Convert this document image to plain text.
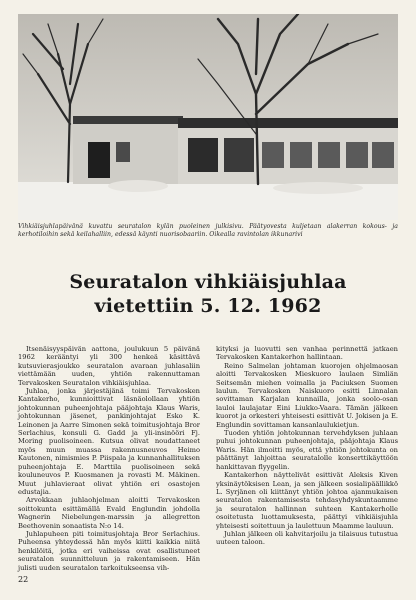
Vihkiäisjuhlapäivänä kuvattu seuratalon kylän puoleinen julkisivu. Päätyovesta kuljetaan alakerran kokous- ja kerhotiloihin sekä keilahalliin, edessä käynti nuorisobaariin. Oikealla ravintolan ikkunarivi

Seuratalon vihkiäisjuhlaa
vietettiin 5. 12. 1962

Itsenäisyyspäivän aattona, joulukuun 5 päivänä 1962 kerääntyi yli 300 henkeä käsittävä kutsuvierasjoukko seuratalon avaraan juhlasaliin viettämään uuden, yhtiön rakennuttaman Tervakosken Seuratalon vihkiäisjuhlaa.

Juhlaa, jonka järjestäjänä toimi Tervakosken Kantakerho, kunnioittivat läsnäolollaan yhtiön johtokunnan puheenjohtaja pääjohtaja Klaus Waris, johtokunnan jäsenet, pankinjohtajat Esko K. Leinonen ja Aarre Simonen sekä toimitusjohtaja Bror Serlachius, konsuli G. Gadd ja yli-insinööri Fj. Moring puolisoineen. Kutsua olivat noudattaneet myös muun muassa rakennusneuvos Heimo Kautonen, nimismies P. Piispala ja kunnanhallituksen puheenjohtaja E. Marttila puolisoineen sekä kouluneuvos P. Kuosmanen ja rovasti M. Mäkinen. Muut juhlavieraat olivat yhtiön eri osastojen edustajia.

Arvokkaan juhlaohjelman aloitti Tervakosken soittokunta esittämällä Evald Englundin johdolla Wagnerin Niebelungen-marssin ja allegretton Beethovenin sonaatista N:o 14.

Juhlapuheen piti toimitusjohtaja Bror Serlachius. Puheensa yhteydessä hän myös kiitti kaikkia niitä henkilöitä, jotka eri vaiheissa ovat osallistuneet seuratalon suunnitteluun ja rakentamiseen. Hän julisti uuden seuratalon tarkoitukseensa vih-

kityksi ja luovutti sen vanhaa perinnettä jatkaen Tervakosken Kantakerhon hallintaan.

Reino Salmelan johtaman kuorojen ohjelmaosan aloitti Tervakosken Mieskuoro laulaen Simliän Seitsemän miehen voimalla ja Paciuksen Suomen laulun. Tervakosken Naiskuoro esitti Linnalan sovittaman Karjalan kunnailla, jonka soolo-osan lauloi laulajatar Eini Liukko-Vaara. Tämän jälkeen kuorot ja orkesteri yhteisesti esittivät U. Jokisen ja E. Englundin sovittaman kansanlaulukietjun.

Tuoden yhtiön johtokunnan tervehdyksen juhlaan puhui johtokunnan puheenjohtaja, pääjohtaja Klaus Waris. Hän ilmoitti myös, että yhtiön johtokunta on päättänyt lahjoittaa seuratalolle konserttikäyttöön hankittavan flyygelin.

Kantakerhon näyttelivät esittivät Aleksis Kiven yksinäytöksisen Lean, ja sen jälkeen sosialipäällikkö L. Syrjänen oli kiittänyt yhtiön johtoa ajanmukaisen seuratalon rakentamisesta tehdasyhdyskuntaamme ja seuratalon hallinnan suhteen Kantakerholle osoitetusta luottamuksesta, päättyi vihkiäisjuhla yhteisesti soitettuun ja laulettuun Maamme lauluun.

Juhlan jälkeen oli kahvitarjoilu ja tilaisuus tutustua uuteen taloon.

22
